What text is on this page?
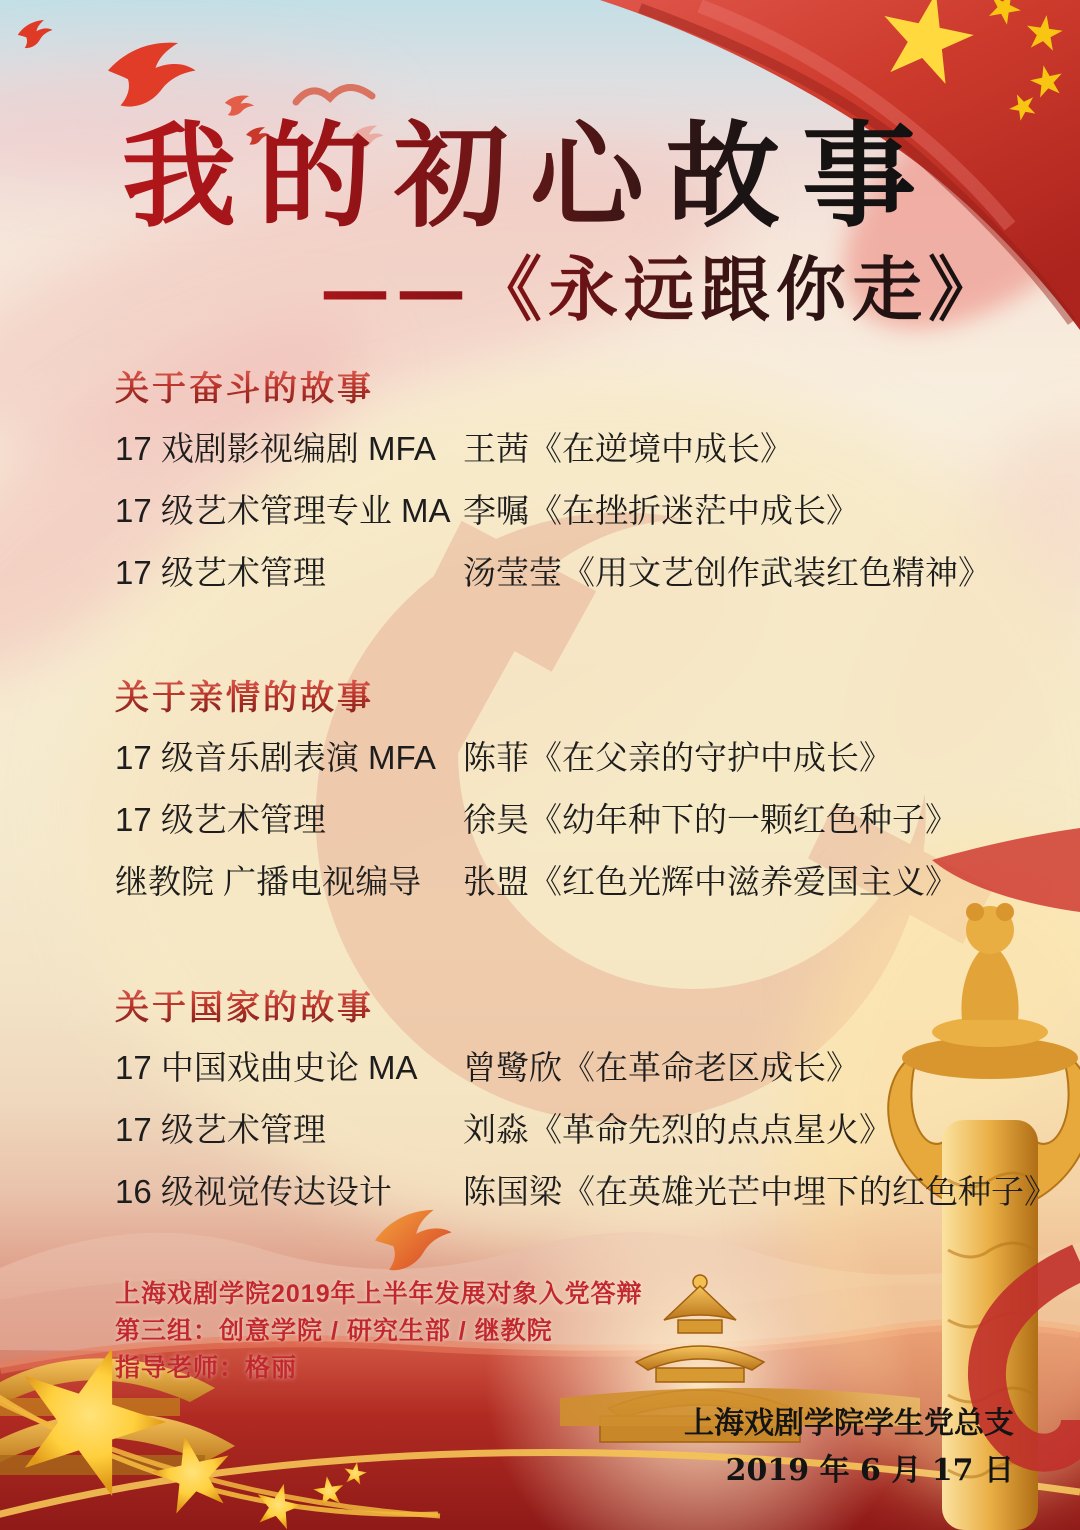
我的初心故事
——《永远跟你走》
关于奋斗的故事
17 戏剧影视编剧 MFA 王茜《在逆境中成长》
17 级艺术管理专业 MA 李嘱《在挫折迷茫中成长》
17 级艺术管理	汤莹莹《用文艺创作武装红色精神》
关于亲情的故事
17 级音乐剧表演 MFA 陈菲《在父亲的守护中成长》
17 级艺术管理	徐昊《幼年种下的一颗红色种子》
继教院 广播电视编导	张盟《红色光辉中滋养爱国主义》
关于国家的故事
17 中国戏曲史论 MA	曾鹭欣《在革命老区成长》
17 级艺术管理	刘淼《革命先烈的点点星火》
16 级视觉传达设计	陈国梁《在英雄光芒中埋下的红色种子》
上海戏剧学院2019年上半年发展对象入党答辩
第三组：创意学院 / 研究生部 / 继教院
指导老师：格丽
上海戏剧学院学生党总支
2019 年 6 月 17 日
